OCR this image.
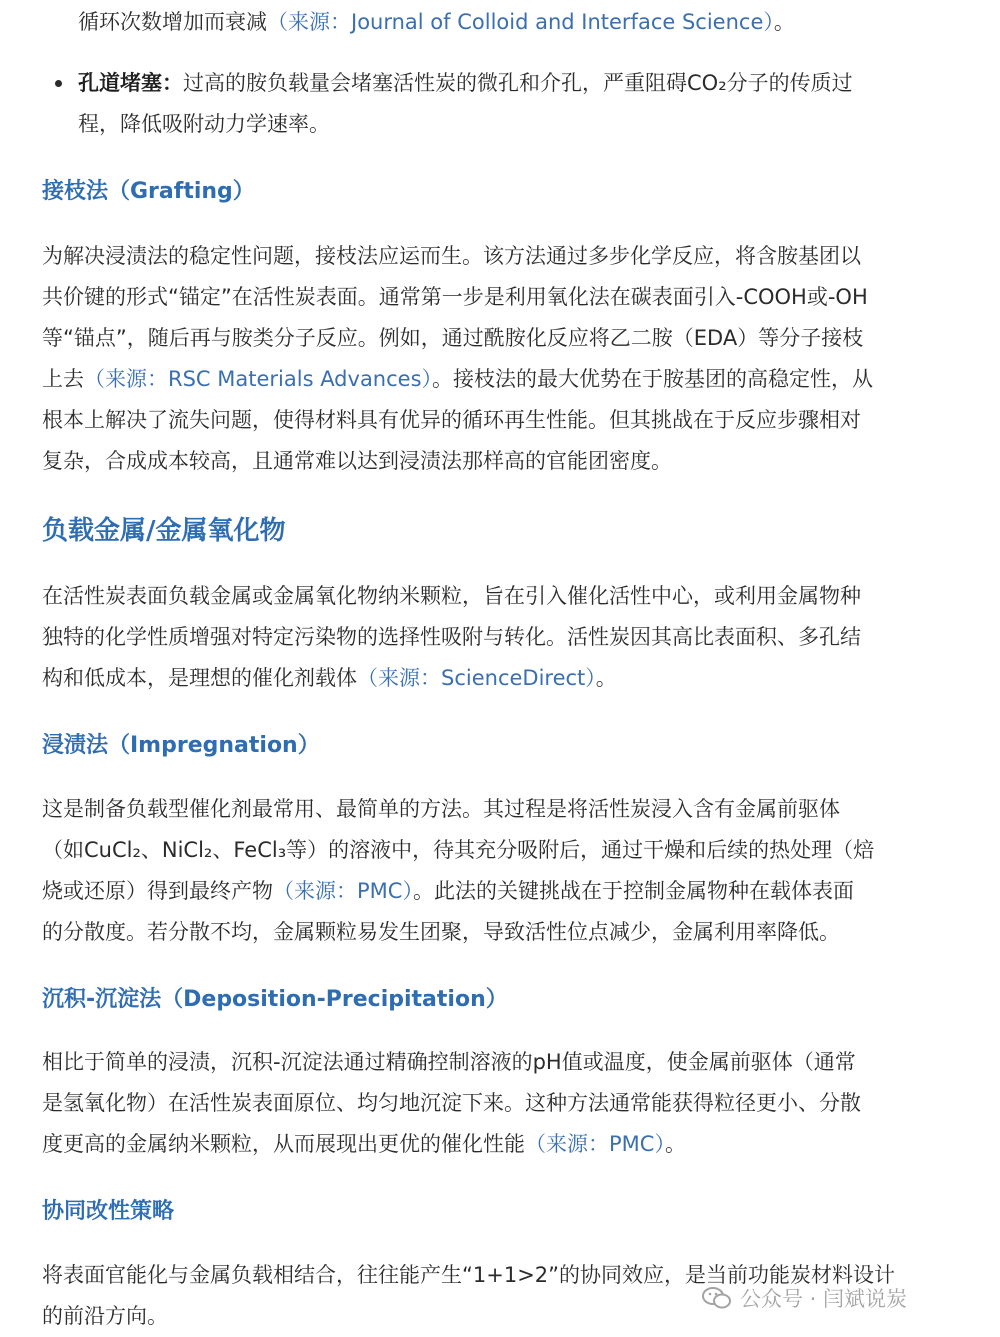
循环次数增加而衰减（来源：Journal of Colloid and Interface Science）。

孔道堵塞：过高的胺负载量会堵塞活性炭的微孔和介孔，严重阻碍CO₂分子的传质过
程，降低吸附动力学速率。

接枝法（Grafting）

为解决浸渍法的稳定性问题，接枝法应运而生。该方法通过多步化学反应，将含胺基团以
共价键的形式“锚定”在活性炭表面。通常第一步是利用氧化法在碳表面引入-COOH或-OH
等“锚点”，随后再与胺类分子反应。例如，通过酰胺化反应将乙二胺（EDA）等分子接枝
上去（来源：RSC Materials Advances）。接枝法的最大优势在于胺基团的高稳定性，从
根本上解决了流失问题，使得材料具有优异的循环再生性能。但其挑战在于反应步骤相对
复杂，合成成本较高，且通常难以达到浸渍法那样高的官能团密度。

负载金属/金属氧化物

在活性炭表面负载金属或金属氧化物纳米颗粒，旨在引入催化活性中心，或利用金属物种
独特的化学性质增强对特定污染物的选择性吸附与转化。活性炭因其高比表面积、多孔结
构和低成本，是理想的催化剂载体（来源：ScienceDirect）。

浸渍法（Impregnation）

这是制备负载型催化剂最常用、最简单的方法。其过程是将活性炭浸入含有金属前驱体
（如CuCl₂、NiCl₂、FeCl₃等）的溶液中，待其充分吸附后，通过干燥和后续的热处理（焙
烧或还原）得到最终产物（来源：PMC）。此法的关键挑战在于控制金属物种在载体表面
的分散度。若分散不均，金属颗粒易发生团聚，导致活性位点减少，金属利用率降低。

沉积-沉淀法（Deposition-Precipitation）

相比于简单的浸渍，沉积-沉淀法通过精确控制溶液的pH值或温度，使金属前驱体（通常
是氢氧化物）在活性炭表面原位、均匀地沉淀下来。这种方法通常能获得粒径更小、分散
度更高的金属纳米颗粒，从而展现出更优的催化性能（来源：PMC）。

协同改性策略

将表面官能化与金属负载相结合，往往能产生“1+1>2”的协同效应，是当前功能炭材料设计
的前沿方向。

公众号 · 闫斌说炭
